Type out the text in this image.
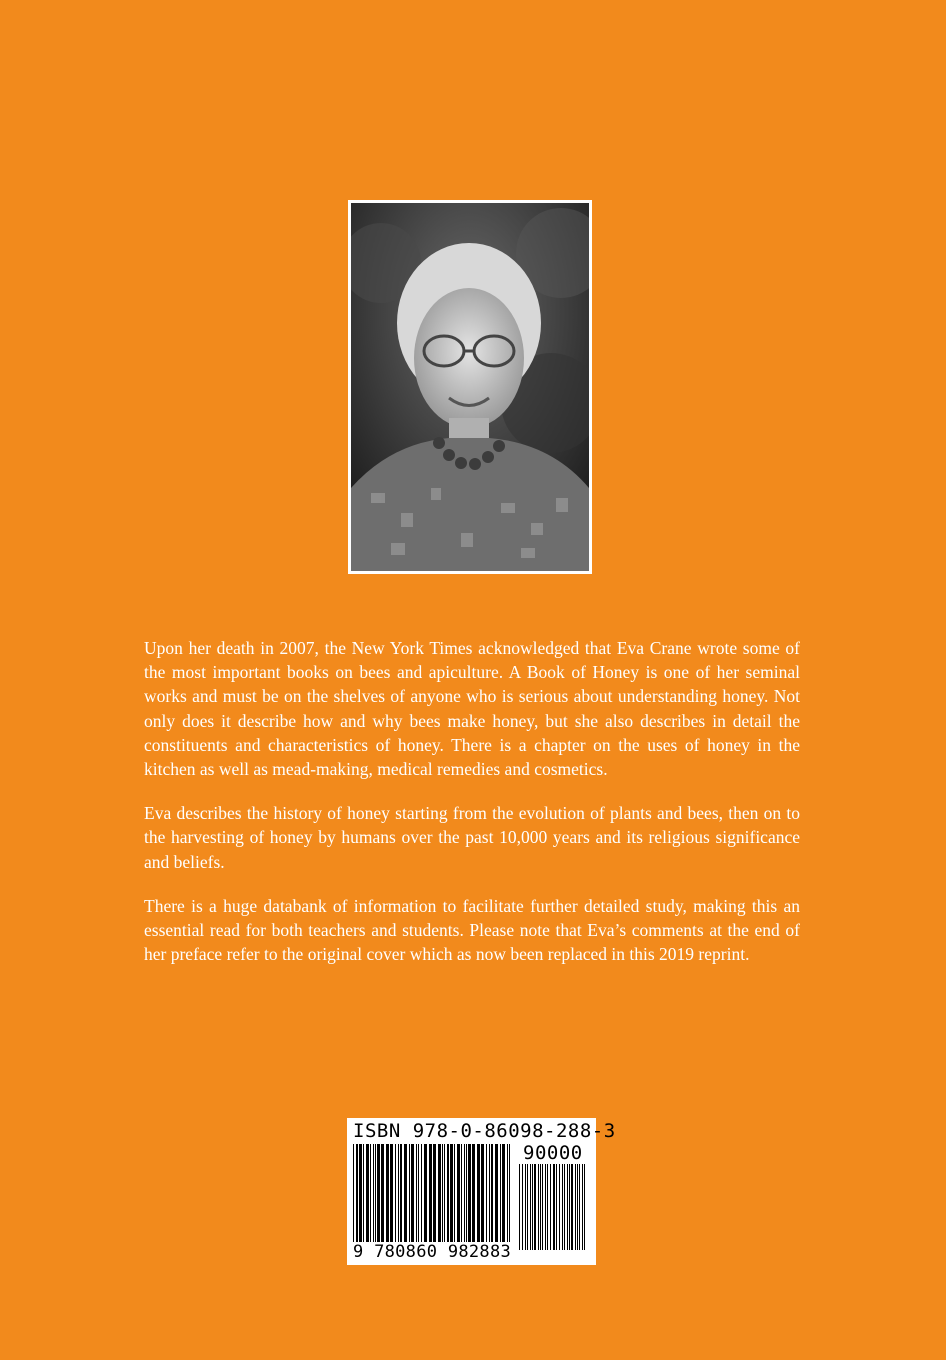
Upon her death in 2007, the New York Times acknowledged that Eva Crane wrote some of the most important books on bees and apiculture. A Book of Honey is one of her seminal works and must be on the shelves of anyone who is serious about understanding honey. Not only does it describe how and why bees make honey, but she also describes in detail the constituents and characteristics of honey. There is a chapter on the uses of honey in the kitchen as well as mead-making, medical remedies and cosmetics.

Eva describes the history of honey starting from the evolution of plants and bees, then on to the harvesting of honey by humans over the past 10,000 years and its religious significance and beliefs.

There is a huge databank of information to facilitate further detailed study, making this an essential read for both teachers and students. Please note that Eva’s comments at the end of her preface refer to the original cover which as now been replaced in this 2019 reprint.

ISBN 978-0-86098-288-3
90000
9 780860 982883
